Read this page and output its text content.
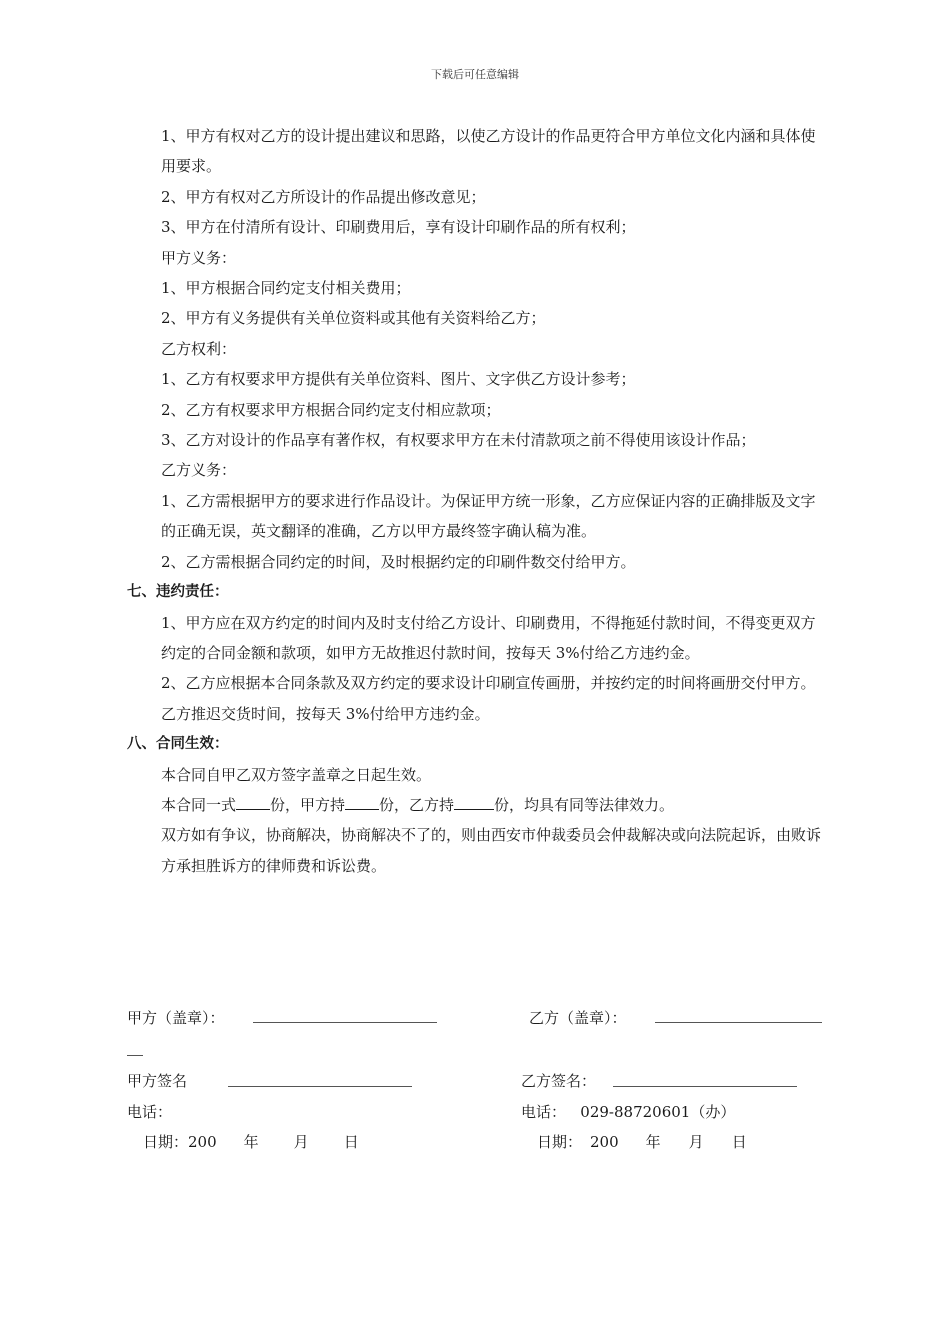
下载后可任意编辑

1、甲方有权对乙方的设计提出建议和思路，以使乙方设计的作品更符合甲方单位文化内涵和具体使用要求。

2、甲方有权对乙方所设计的作品提出修改意见；

3、甲方在付清所有设计、印刷费用后，享有设计印刷作品的所有权利；

甲方义务：

1、甲方根据合同约定支付相关费用；

2、甲方有义务提供有关单位资料或其他有关资料给乙方；

乙方权利：

1、乙方有权要求甲方提供有关单位资料、图片、文字供乙方设计参考；

2、乙方有权要求甲方根据合同约定支付相应款项；

3、乙方对设计的作品享有著作权，有权要求甲方在未付清款项之前不得使用该设计作品；

乙方义务：

1、乙方需根据甲方的要求进行作品设计。为保证甲方统一形象，乙方应保证内容的正确排版及文字的正确无误，英文翻译的准确，乙方以甲方最终签字确认稿为准。

2、乙方需根据合同约定的时间，及时根据约定的印刷件数交付给甲方。

七、违约责任：

1、甲方应在双方约定的时间内及时支付给乙方设计、印刷费用，不得拖延付款时间，不得变更双方约定的合同金额和款项，如甲方无故推迟付款时间，按每天 3%付给乙方违约金。

2、乙方应根据本合同条款及双方约定的要求设计印刷宣传画册，并按约定的时间将画册交付甲方。乙方推迟交货时间，按每天 3%付给甲方违约金。

八、合同生效：

本合同自甲乙双方签字盖章之日起生效。

本合同一式 份，甲方持 份，乙方持	份，均具有同等法律效力。

双方如有争议，协商解决，协商解决不了的，则由西安市仲裁委员会仲裁解决或向法院起诉，由败诉方承担胜诉方的律师费和诉讼费。

甲方（盖章）：	乙方（盖章）：
甲方签名	乙方签名：
电话：	电话：   029-88720601（办）
日期：200 年 月 日	日期： 200 年 月 日
